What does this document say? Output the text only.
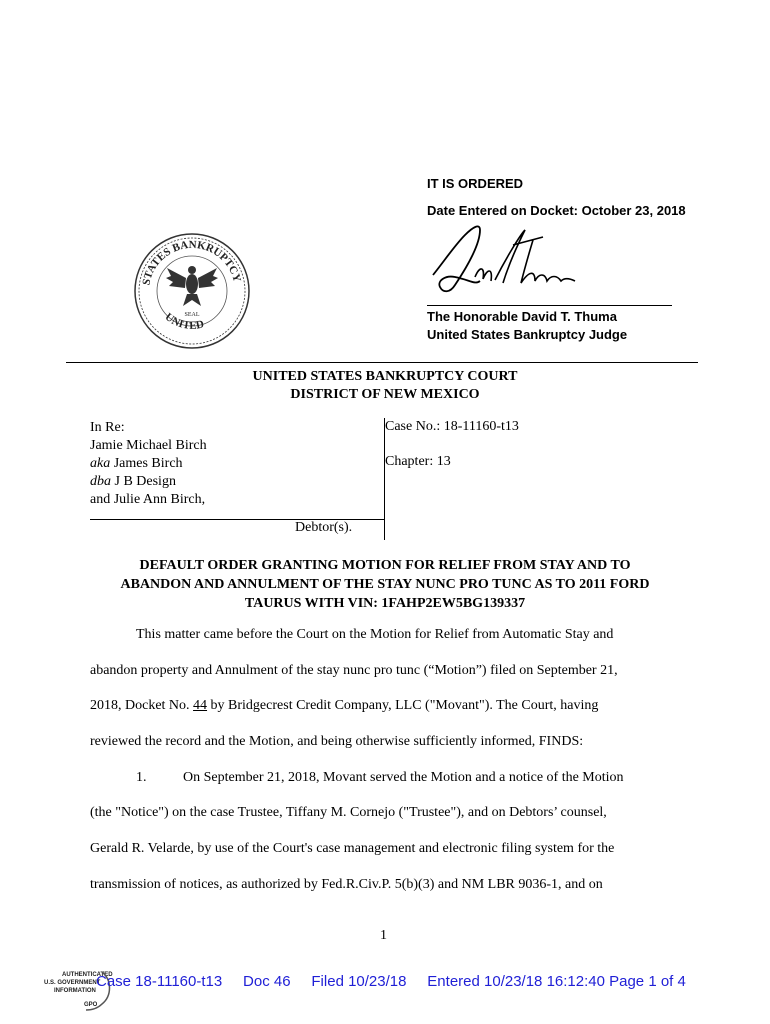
IT IS ORDERED
Date Entered on Docket: October 23, 2018
STATES BANKRUPTCY
UNITED
SEAL	The Honorable David T. Thuma
United States Bankruptcy Judge
UNITED STATES BANKRUPTCY COURT
DISTRICT OF NEW MEXICO
In Re:
Jamie Michael Birch
aka James Birch
dba J B Design
and Julie Ann Birch,
Debtor(s).
Case No.: 18-11160-t13
Chapter: 13
DEFAULT ORDER GRANTING MOTION FOR RELIEF FROM STAY AND TO
ABANDON AND ANNULMENT OF THE STAY NUNC PRO TUNC AS TO 2011 FORD
TAURUS WITH VIN: 1FAHP2EW5BG139337
This matter came before the Court on the Motion for Relief from Automatic Stay and
abandon property and Annulment of the stay nunc pro tunc (“Motion”) filed on September 21,
2018, Docket No. 44 by Bridgecrest Credit Company, LLC ("Movant"). The Court, having
reviewed the record and the Motion, and being otherwise sufficiently informed, FINDS:
1.	On September 21, 2018, Movant served the Motion and a notice of the Motion
(the "Notice") on the case Trustee, Tiffany M. Cornejo ("Trustee"), and on Debtors’ counsel,
Gerald R. Velarde, by use of the Court's case management and electronic filing system for the
transmission of notices, as authorized by Fed.R.Civ.P. 5(b)(3) and NM LBR 9036-1, and on
1
AUTHENTICATED
U.S. GOVERNMENT
INFORMATION
GPO
Case 18-11160-t13     Doc 46     Filed 10/23/18     Entered 10/23/18 16:12:40 Page 1 of 4
